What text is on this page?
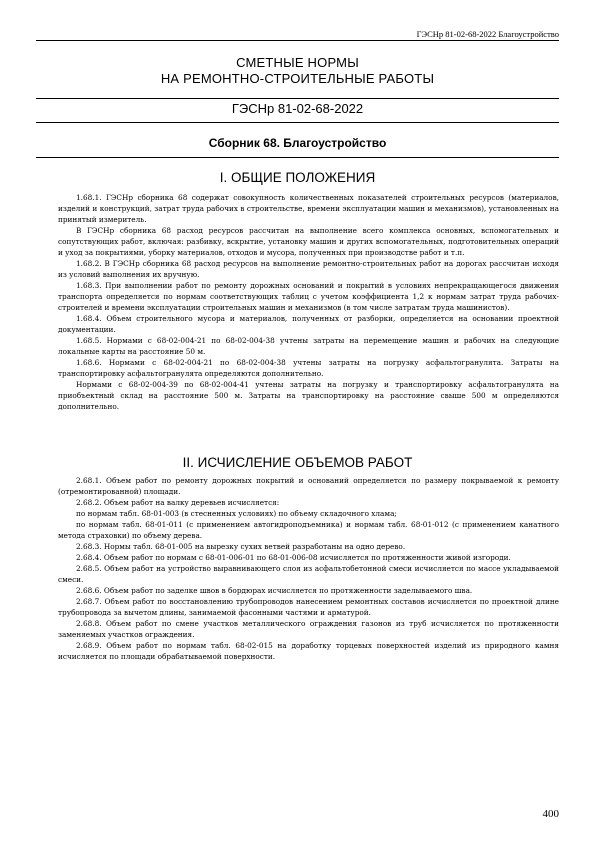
ГЭСНр 81-02-68-2022 Благоустройство
СМЕТНЫЕ НОРМЫ
НА РЕМОНТНО-СТРОИТЕЛЬНЫЕ РАБОТЫ
ГЭСНр 81-02-68-2022
Сборник 68. Благоустройство
I. ОБЩИЕ ПОЛОЖЕНИЯ

1.68.1. ГЭСНр сборника 68 содержат совокупность количественных показателей строительных ресурсов (материалов, изделий и конструкций, затрат труда рабочих в строительстве, времени эксплуатации машин и механизмов), установленных на принятый измеритель.

В ГЭСНр сборника 68 расход ресурсов рассчитан на выполнение всего комплекса основных, вспомогательных и сопутствующих работ, включая: разбивку, вскрытие, установку машин и других вспомогательных, подготовительных операций и уход за покрытиями, уборку материалов, отходов и мусора, полученных при производстве работ и т.п.

1.68.2. В ГЭСНр сборника 68 расход ресурсов на выполнение ремонтно-строительных работ на дорогах рассчитан исходя из условий выполнения их вручную.

1.68.3. При выполнении работ по ремонту дорожных оснований и покрытий в условиях непрекращающегося движения транспорта определяется по нормам соответствующих таблиц с учетом коэффициента 1,2 к нормам затрат труда рабочих-строителей и времени эксплуатации строительных машин и механизмов (в том числе затратам труда машинистов).

1.68.4. Объем строительного мусора и материалов, полученных от разборки, определяется на основании проектной документации.

1.68.5. Нормами с 68-02-004-21 по 68-02-004-38 учтены затраты на перемещение машин и рабочих на следующие локальные карты на расстояние 50 м.

1.68.6. Нормами с 68-02-004-21 по 68-02-004-38 учтены затраты на погрузку асфальтогранулята. Затраты на транспортировку асфальтогранулята определяются дополнительно.

Нормами с 68-02-004-39 по 68-02-004-41 учтены затраты на погрузку и транспортировку асфальтогранулята на приобъектный склад на расстояние 500 м. Затраты на транспортировку на расстояние свыше 500 м определяются дополнительно.

II. ИСЧИСЛЕНИЕ ОБЪЕМОВ РАБОТ

2.68.1. Объем работ по ремонту дорожных покрытий и оснований определяется по размеру покрываемой к ремонту (отремонтированной) площади.

2.68.2. Объем работ на валку деревьев исчисляется:

по нормам табл. 68-01-003 (в стесненных условиях) по объему складочного хлама;

по нормам табл. 68-01-011 (с применением автогидроподъемника) и нормам табл. 68-01-012 (с применением канатного метода страховки) по объему дерева.

2.68.3. Нормы табл. 68-01-005 на вырезку сухих ветвей разработаны на одно дерево.

2.68.4. Объем работ по нормам с 68-01-006-01 по 68-01-006-08 исчисляется по протяженности живой изгороди.

2.68.5. Объем работ на устройство выравнивающего слоя из асфальтобетонной смеси исчисляется по массе укладываемой смеси.

2.68.6. Объем работ по заделке швов в бордюрах исчисляется по протяженности заделываемого шва.

2.68.7. Объем работ по восстановлению трубопроводов нанесением ремонтных составов исчисляется по проектной длине трубопровода за вычетом длины, занимаемой фасонными частями и арматурой.

2.68.8. Объем работ по смене участков металлического ограждения газонов из труб исчисляется по протяженности заменяемых участков ограждения.

2.68.9. Объем работ по нормам табл. 68-02-015 на доработку торцевых поверхностей изделий из природного камня исчисляется по площади обрабатываемой поверхности.

400
